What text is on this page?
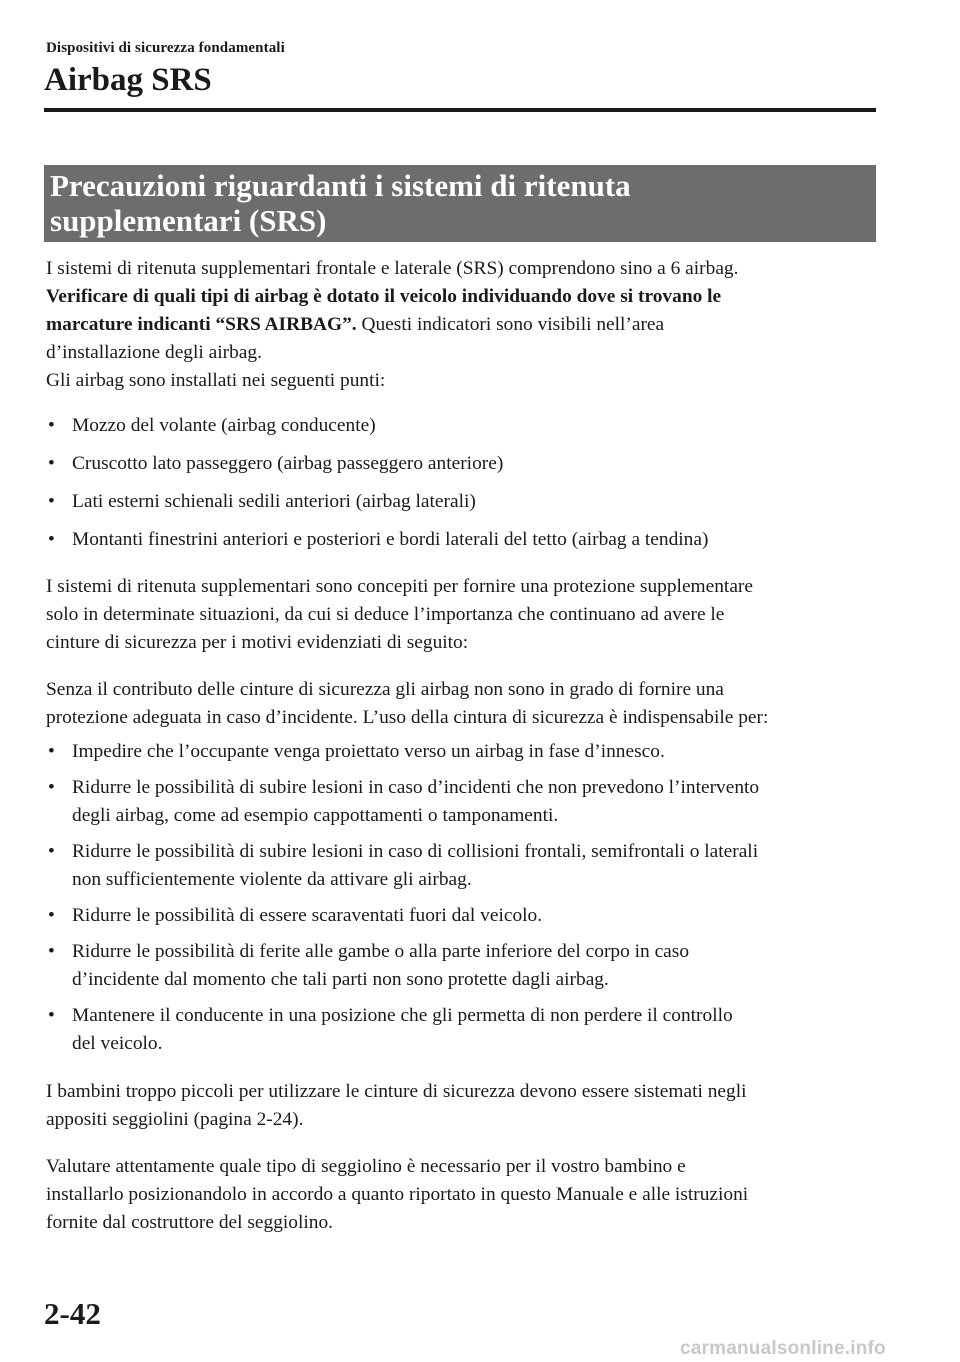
Dispositivi di sicurezza fondamentali
Airbag SRS
Precauzioni riguardanti i sistemi di ritenuta
supplementari (SRS)

I sistemi di ritenuta supplementari frontale e laterale (SRS) comprendono sino a 6 airbag.
Verificare di quali tipi di airbag è dotato il veicolo individuando dove si trovano le
marcature indicanti “SRS AIRBAG”. Questi indicatori sono visibili nell’area
d’installazione degli airbag.
Gli airbag sono installati nei seguenti punti:

• Mozzo del volante (airbag conducente)
• Cruscotto lato passeggero (airbag passeggero anteriore)
• Lati esterni schienali sedili anteriori (airbag laterali)
• Montanti finestrini anteriori e posteriori e bordi laterali del tetto (airbag a tendina)

I sistemi di ritenuta supplementari sono concepiti per fornire una protezione supplementare
solo in determinate situazioni, da cui si deduce l’importanza che continuano ad avere le
cinture di sicurezza per i motivi evidenziati di seguito:

Senza il contributo delle cinture di sicurezza gli airbag non sono in grado di fornire una
protezione adeguata in caso d’incidente. L’uso della cintura di sicurezza è indispensabile per:

• Impedire che l’occupante venga proiettato verso un airbag in fase d’innesco.
• Ridurre le possibilità di subire lesioni in caso d’incidenti che non prevedono l’intervento
degli airbag, come ad esempio cappottamenti o tamponamenti.
• Ridurre le possibilità di subire lesioni in caso di collisioni frontali, semifrontali o laterali
non sufficientemente violente da attivare gli airbag.
• Ridurre le possibilità di essere scaraventati fuori dal veicolo.
• Ridurre le possibilità di ferite alle gambe o alla parte inferiore del corpo in caso
d’incidente dal momento che tali parti non sono protette dagli airbag.
• Mantenere il conducente in una posizione che gli permetta di non perdere il controllo
del veicolo.

I bambini troppo piccoli per utilizzare le cinture di sicurezza devono essere sistemati negli
appositi seggiolini (pagina 2-24).

Valutare attentamente quale tipo di seggiolino è necessario per il vostro bambino e
installarlo posizionandolo in accordo a quanto riportato in questo Manuale e alle istruzioni
fornite dal costruttore del seggiolino.

2-42
carmanualsonline.info
